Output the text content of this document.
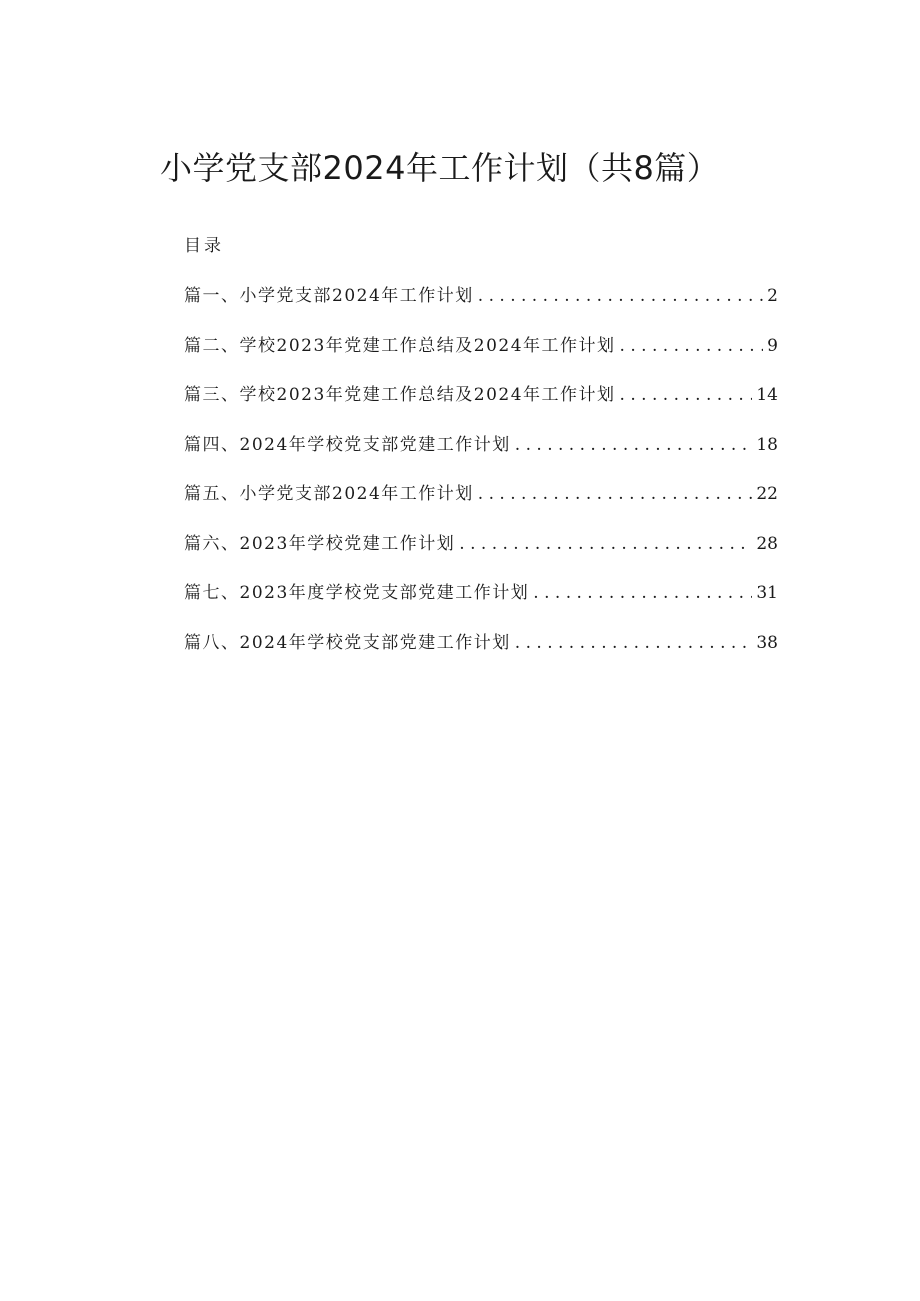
小学党支部2024年工作计划（共8篇）
目录
篇一、小学党支部2024年工作计划 . . .	2
篇二、学校2023年党建工作总结及2024年工作计划 . . .	9
篇三、学校2023年党建工作总结及2024年工作计划 . . .	14
篇四、2024年学校党支部党建工作计划 . . .	18
篇五、小学党支部2024年工作计划 . . .	22
篇六、2023年学校党建工作计划 . . .	28
篇七、2023年度学校党支部党建工作计划 . . .	31
篇八、2024年学校党支部党建工作计划 . . .	38
